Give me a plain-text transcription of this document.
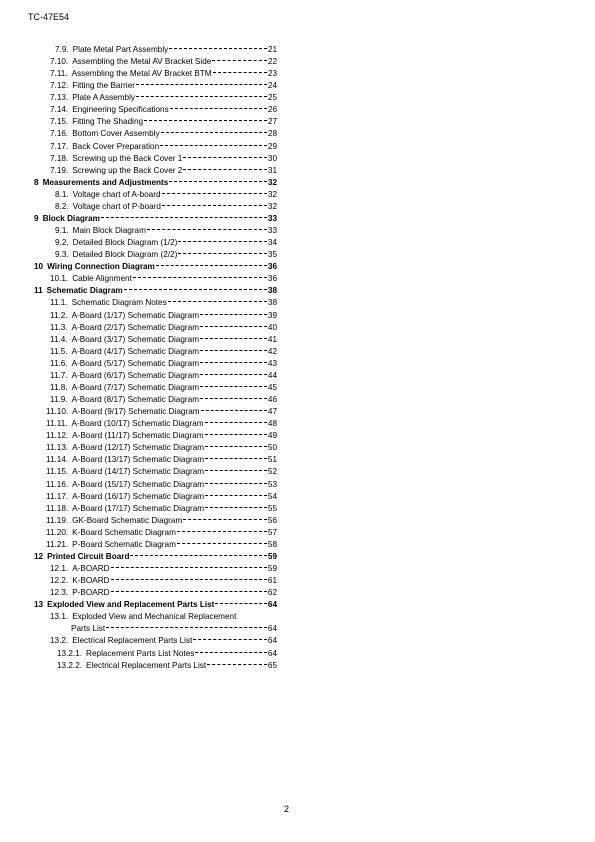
TC-47E54
7.9. Plate Metal Part Assembly	21
7.10. Assembling the Metal AV Bracket Side	22
7.11. Assembling the Metal AV Bracket BTM	23
7.12. Fitting the Barrier	24
7.13. Plate A Assembly	25
7.14. Engineering Specifications	26
7.15. Fitting The Shading	27
7.16. Bottom Cover Assembly	28
7.17. Back Cover Preparation	29
7.18. Screwing up the Back Cover 1	30
7.19. Screwing up the Back Cover 2	31
8 Measurements and Adjustments	32
8.1. Voltage chart of A-board	32
8.2. Voltage chart of P-board	32
9 Block Diagram	33
9.1. Main Block Diagram	33
9.2. Detailed Block Diagram (1/2)	34
9.3. Detailed Block Diagram (2/2)	35
10 Wiring Connection Diagram	36
10.1. Cable Alignment	36
11 Schematic Diagram	38
11.1. Schematic Diagram Notes	38
11.2. A-Board (1/17) Schematic Diagram	39
11.3. A-Board (2/17) Schematic Diagram	40
11.4. A-Board (3/17) Schematic Diagram	41
11.5. A-Board (4/17) Schematic Diagram	42
11.6. A-Board (5/17) Schematic Diagram	43
11.7. A-Board (6/17) Schematic Diagram	44
11.8. A-Board (7/17) Schematic Diagram	45
11.9. A-Board (8/17) Schematic Diagram	46
11.10. A-Board (9/17) Schematic Diagram	47
11.11. A-Board (10/17) Schematic Diagram	48
11.12. A-Board (11/17) Schematic Diagram	49
11.13. A-Board (12/17) Schematic Diagram	50
11.14. A-Board (13/17) Schematic Diagram	51
11.15. A-Board (14/17) Schematic Diagram	52
11.16. A-Board (15/17) Schematic Diagram	53
11.17. A-Board (16/17) Schematic Diagram	54
11.18. A-Board (17/17) Schematic Diagram	55
11.19. GK-Board Schematic Diagram	56
11.20. K-Board Schematic Diagram	57
11.21. P-Board Schematic Diagram	58
12 Printed Circuit Board	59
12.1. A-BOARD	59
12.2. K-BOARD	61
12.3. P-BOARD	62
13 Exploded View and Replacement Parts List	64
13.1. Exploded View and Mechanical Replacement
Parts List	64
13.2. Electrical Replacement Parts List	64
13.2.1. Replacement Parts List Notes	64
13.2.2. Electrical Replacement Parts List	65
2
